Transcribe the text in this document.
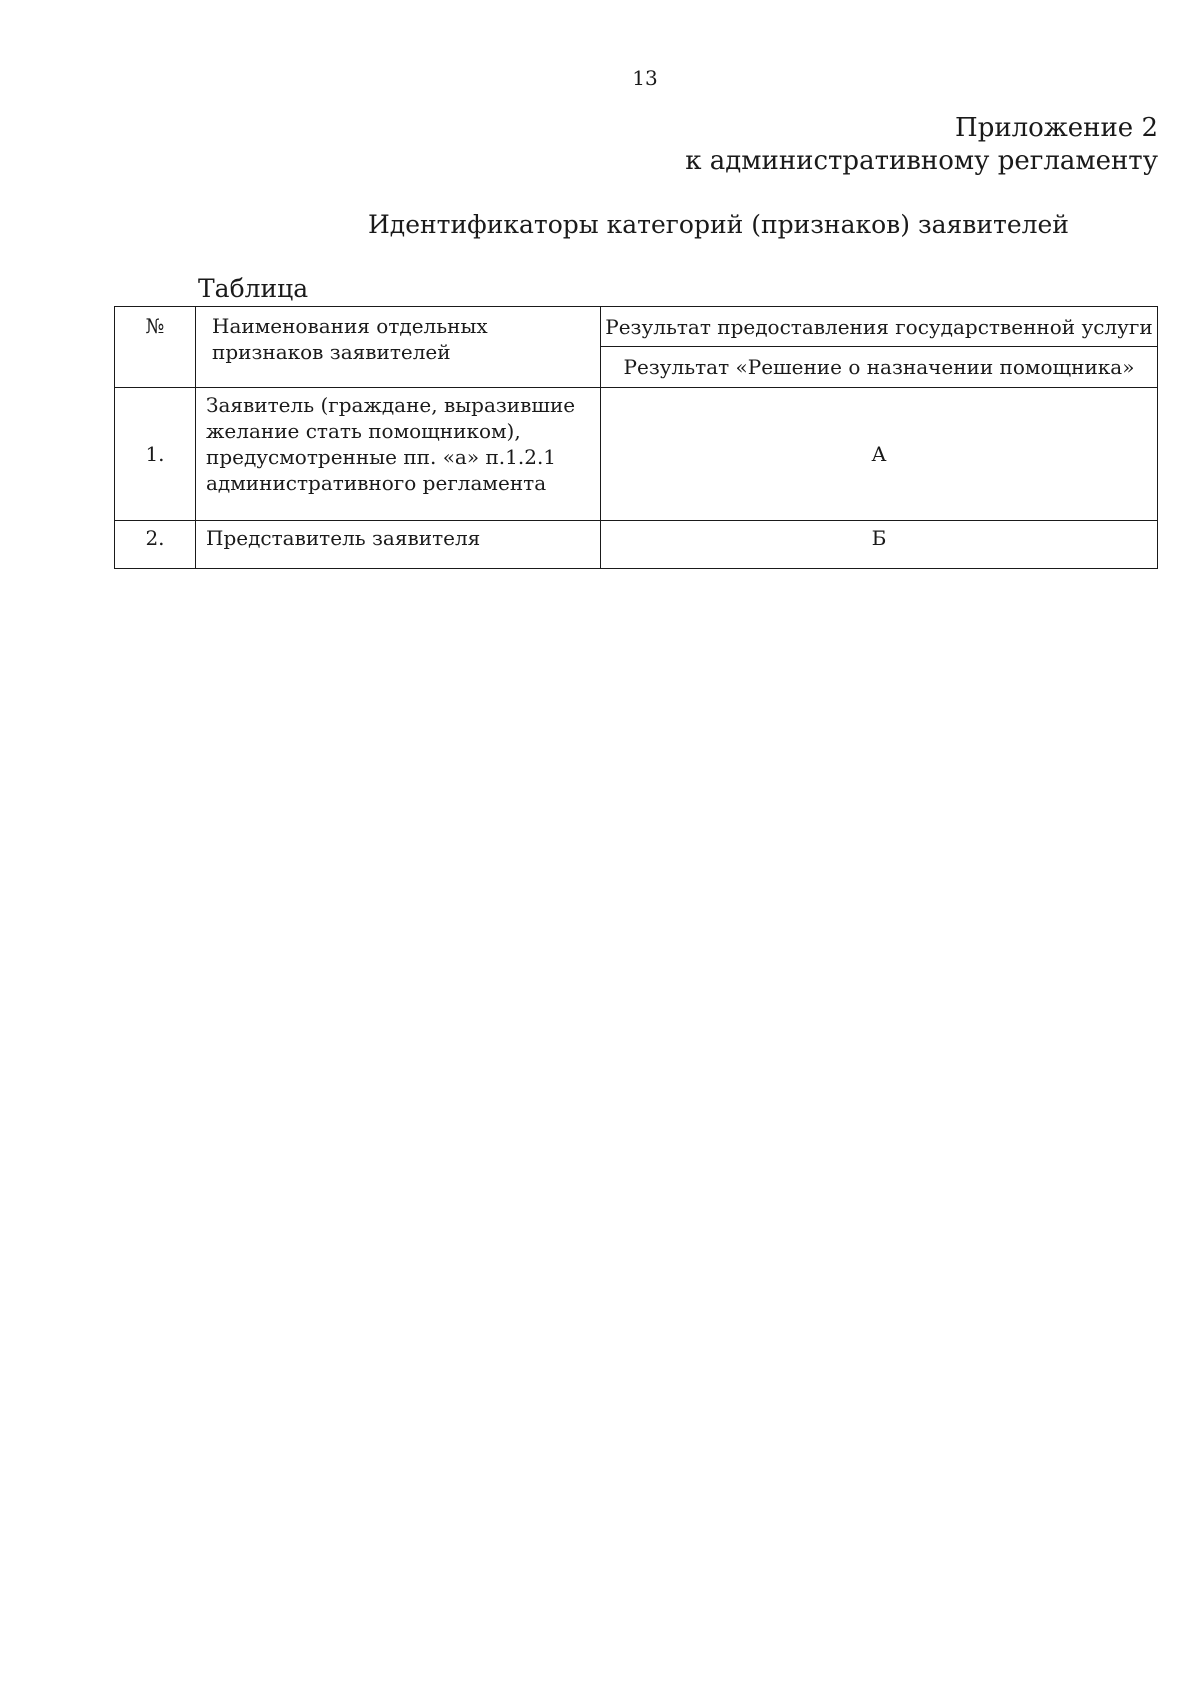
13
Приложение 2
к административному регламенту
Идентификаторы категорий (признаков) заявителей
Таблица
№	Наименования отдельных признаков заявителей	Результат предоставления государственной услуги
		Результат «Решение о назначении помощника»
1.	Заявитель (граждане, выразившие желание стать помощником), предусмотренные пп. «а» п.1.2.1 административного регламента	А
2.	Представитель заявителя	Б
